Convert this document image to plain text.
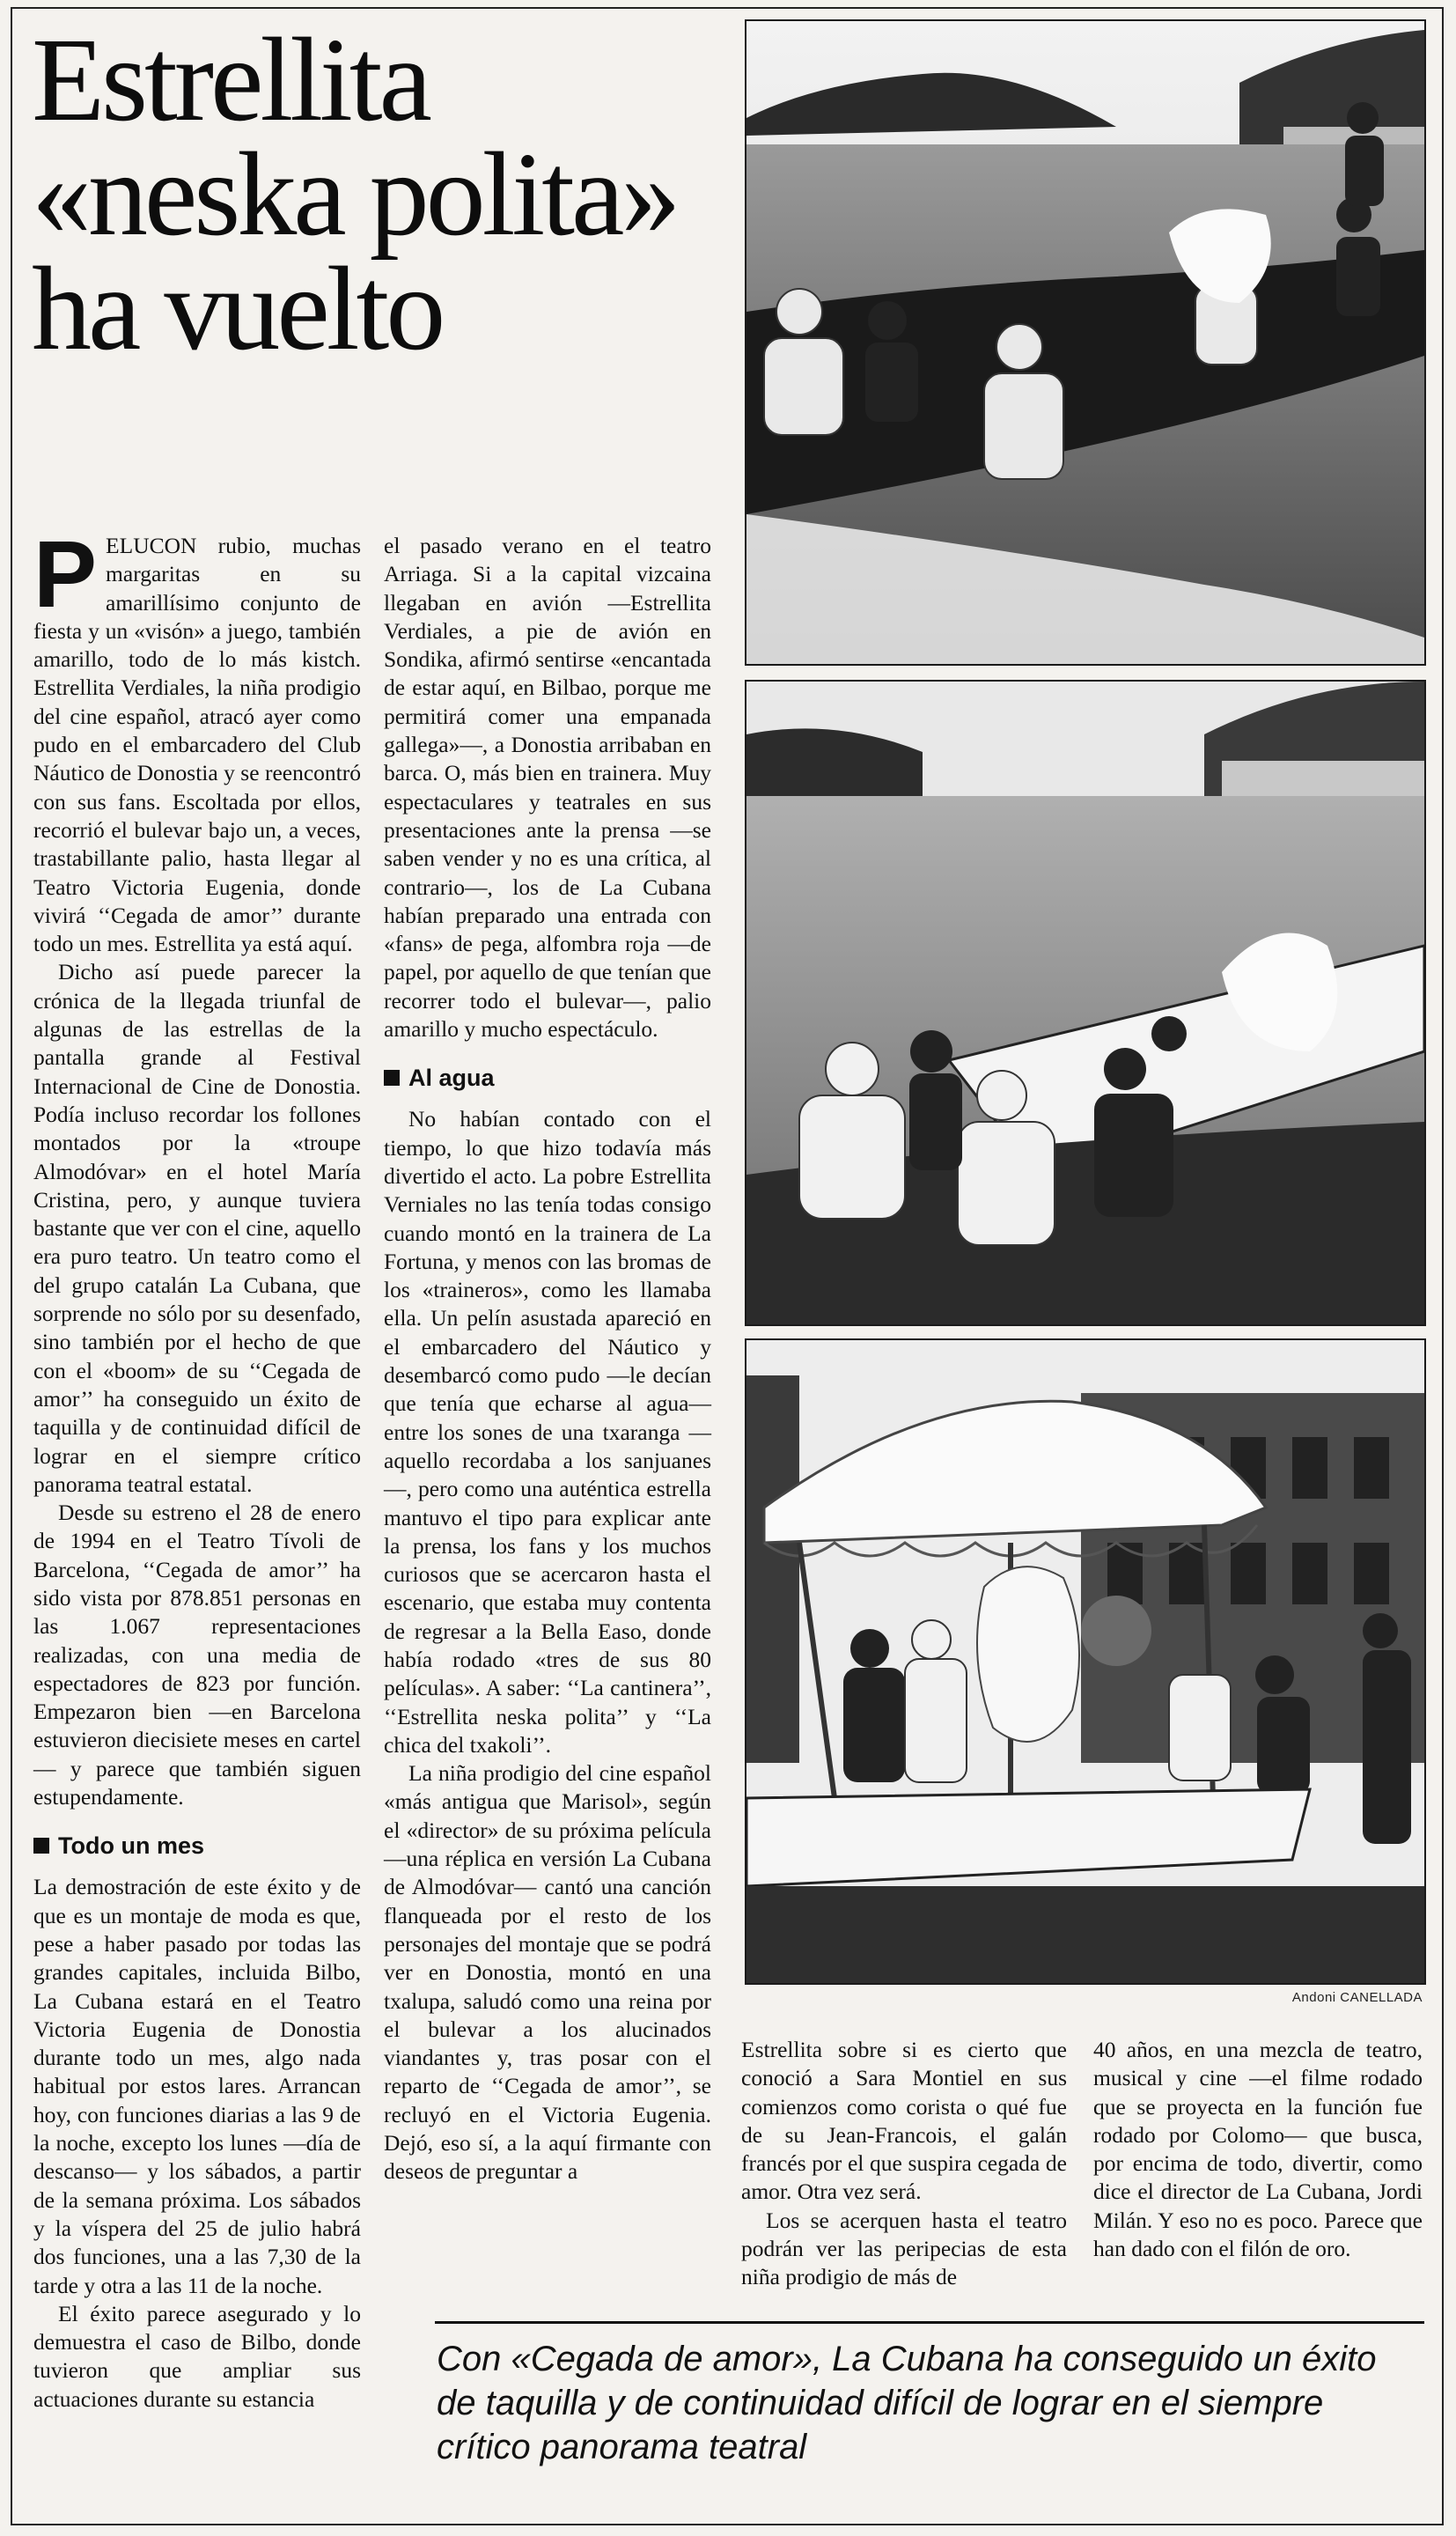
Estrellita
«neska polita»
ha vuelto

PELUCON rubio, muchas margaritas en su amarillísimo conjunto de fiesta y un «visón» a juego, también amarillo, todo de lo más kistch. Estrellita Verdiales, la niña prodigio del cine español, atracó ayer como pudo en el embarcadero del Club Náutico de Donostia y se reencontró con sus fans. Escoltada por ellos, recorrió el bulevar bajo un, a veces, trastabillante palio, hasta llegar al Teatro Victoria Eugenia, donde vivirá ‘‘Cegada de amor’’ durante todo un mes. Estrellita ya está aquí.

Dicho así puede parecer la crónica de la llegada triunfal de algunas de las estrellas de la pantalla grande al Festival Internacional de Cine de Donostia. Podía incluso recordar los follones montados por la «troupe Almodóvar» en el hotel María Cristina, pero, y aunque tuviera bastante que ver con el cine, aquello era puro teatro. Un teatro como el del grupo catalán La Cubana, que sorprende no sólo por su desenfado, sino también por el hecho de que con el «boom» de su ‘‘Cegada de amor’’ ha conseguido un éxito de taquilla y de continuidad difícil de lograr en el siempre crítico panorama teatral estatal.

Desde su estreno el 28 de enero de 1994 en el Teatro Tívoli de Barcelona, ‘‘Cegada de amor’’ ha sido vista por 878.851 personas en las 1.067 representaciones realizadas, con una media de espectadores de 823 por función. Empezaron bien —en Barcelona estuvieron diecisiete meses en cartel— y parece que también siguen estupendamente.

Todo un mes

La demostración de este éxito y de que es un montaje de moda es que, pese a haber pasado por todas las grandes capitales, incluida Bilbo, La Cubana estará en el Teatro Victoria Eugenia de Donostia durante todo un mes, algo nada habitual por estos lares. Arrancan hoy, con funciones diarias a las 9 de la noche, excepto los lunes —día de descanso— y los sábados, a partir de la semana próxima. Los sábados y la víspera del 25 de julio habrá dos funciones, una a las 7,30 de la tarde y otra a las 11 de la noche.

El éxito parece asegurado y lo demuestra el caso de Bilbo, donde tuvieron que ampliar sus actuaciones durante su estancia

el pasado verano en el teatro Arriaga. Si a la capital vizcaina llegaban en avión —Estrellita Verdiales, a pie de avión en Sondika, afirmó sentirse «encantada de estar aquí, en Bilbao, porque me permitirá comer una empanada gallega»—, a Donostia arribaban en barca. O, más bien en trainera. Muy espectaculares y teatrales en sus presentaciones ante la prensa —se saben vender y no es una crítica, al contrario—, los de La Cubana habían preparado una entrada con «fans» de pega, alfombra roja —de papel, por aquello de que tenían que recorrer todo el bulevar—, palio amarillo y mucho espectáculo.

Al agua

No habían contado con el tiempo, lo que hizo todavía más divertido el acto. La pobre Estrellita Verniales no las tenía todas consigo cuando montó en la trainera de La Fortuna, y menos con las bromas de los «traineros», como les llamaba ella. Un pelín asustada apareció en el embarcadero del Náutico y desembarcó como pudo —le decían que tenía que echarse al agua— entre los sones de una txaranga —aquello recordaba a los sanjuanes—, pero como una auténtica estrella mantuvo el tipo para explicar ante la prensa, los fans y los muchos curiosos que se acercaron hasta el escenario, que estaba muy contenta de regresar a la Bella Easo, donde había rodado «tres de sus 80 películas». A saber: ‘‘La cantinera’’, ‘‘Estrellita neska polita’’ y ‘‘La chica del txakoli’’.

La niña prodigio del cine español «más antigua que Marisol», según el «director» de su próxima película —una réplica en versión La Cubana de Almodóvar— cantó una canción flanqueada por el resto de los personajes del montaje que se podrá ver en Donostia, montó en una txalupa, saludó como una reina por el bulevar a los alucinados viandantes y, tras posar con el reparto de ‘‘Cegada de amor’’, se recluyó en el Victoria Eugenia. Dejó, eso sí, a la aquí firmante con deseos de preguntar a

Andoni CANELLADA

Estrellita sobre si es cierto que conoció a Sara Montiel en sus comienzos como corista o qué fue de su Jean-Francois, el galán francés por el que suspira cegada de amor. Otra vez será.

Los se acerquen hasta el teatro podrán ver las peripecias de esta niña prodigio de más de

40 años, en una mezcla de teatro, musical y cine —el filme rodado que se proyecta en la función fue rodado por Colomo— que busca, por encima de todo, divertir, como dice el director de La Cubana, Jordi Milán. Y eso no es poco. Parece que han dado con el filón de oro.

Con «Cegada de amor», La Cubana ha conseguido un éxito de taquilla y de continuidad difícil de lograr en el siempre crítico panorama teatral
